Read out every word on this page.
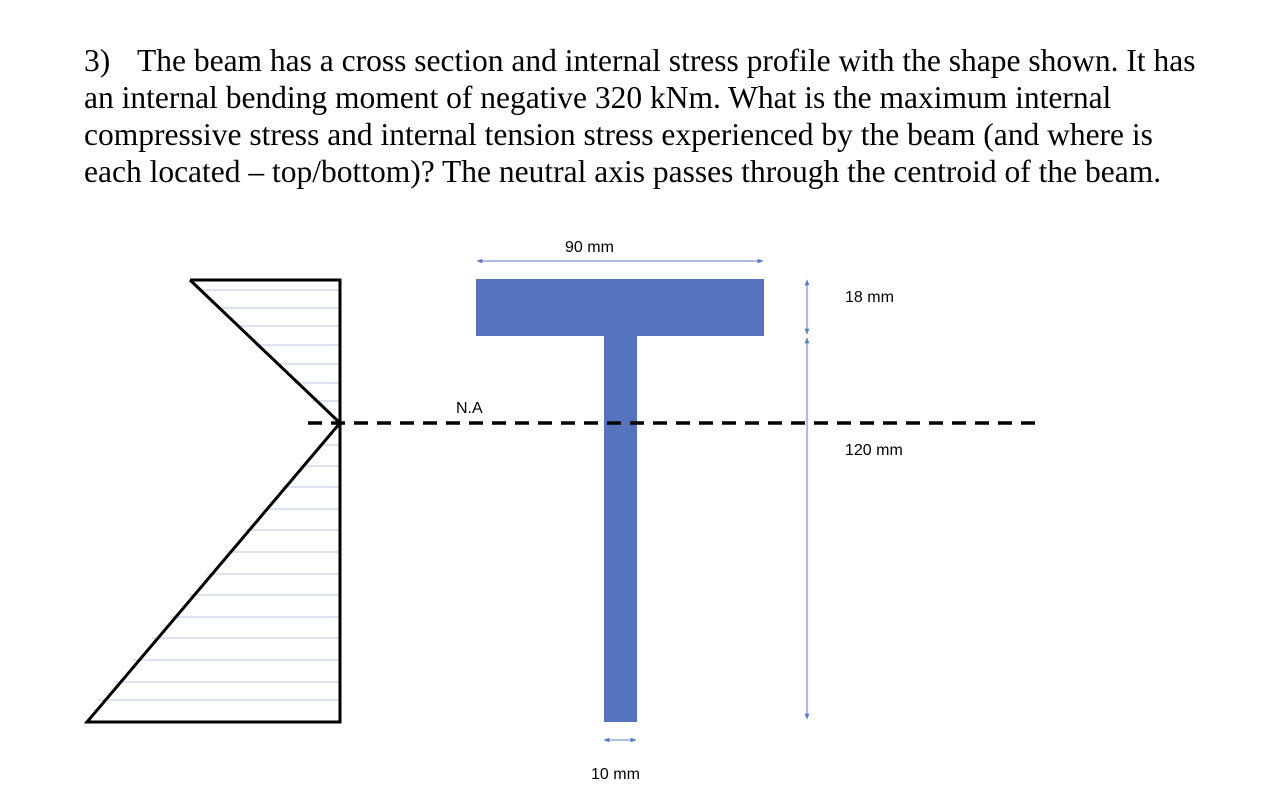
3) The beam has a cross section and internal stress profile with the shape shown. It has
an internal bending moment of negative 320 kNm. What is the maximum internal
compressive stress and internal tension stress experienced by the beam (and where is
each located – top/bottom)? The neutral axis passes through the centroid of the beam.
N.A
90 mm
18 mm
120 mm
10 mm
